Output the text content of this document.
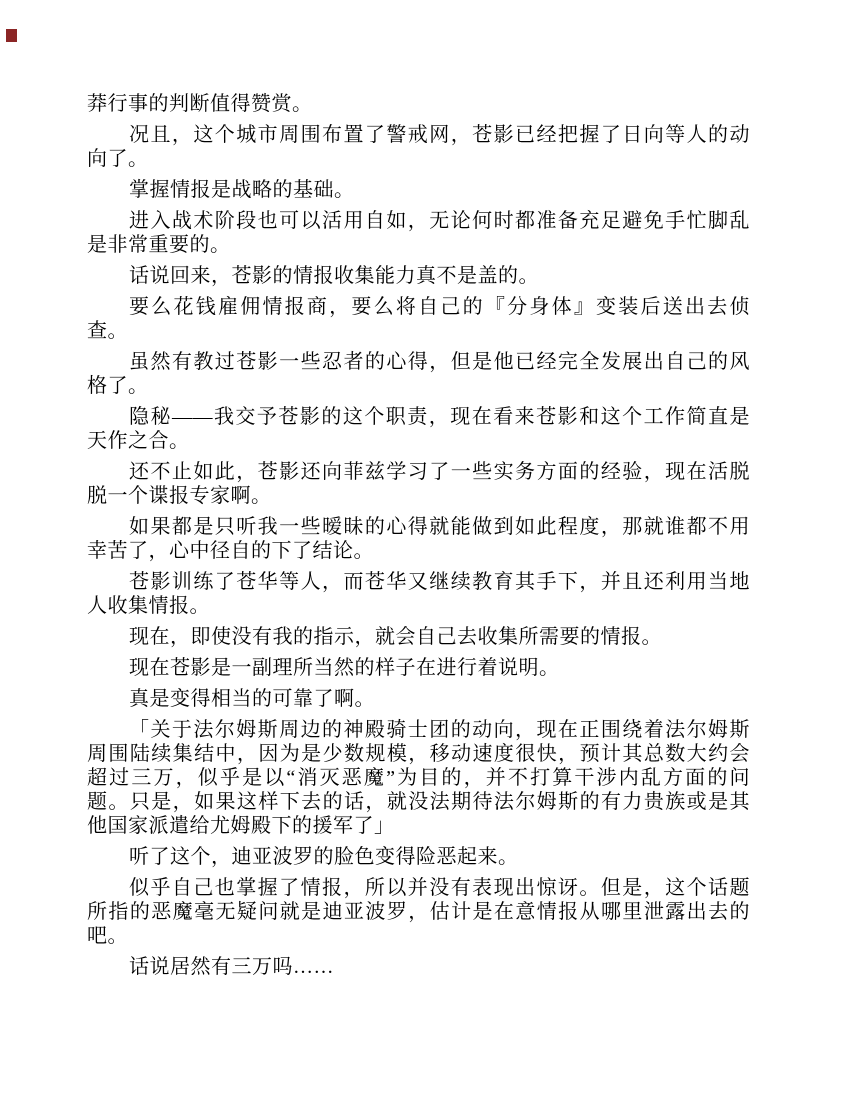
莽行事的判断值得赞赏。
况且，这个城市周围布置了警戒网，苍影已经把握了日向等人的动
向了。
掌握情报是战略的基础。
进入战术阶段也可以活用自如，无论何时都准备充足避免手忙脚乱
是非常重要的。
话说回来，苍影的情报收集能力真不是盖的。
要么花钱雇佣情报商，要么将自己的『分身体』变装后送出去侦
查。
虽然有教过苍影一些忍者的心得，但是他已经完全发展出自己的风
格了。
隐秘——我交予苍影的这个职责，现在看来苍影和这个工作简直是
天作之合。
还不止如此，苍影还向菲兹学习了一些实务方面的经验，现在活脱
脱一个谍报专家啊。
如果都是只听我一些暧昧的心得就能做到如此程度，那就谁都不用
幸苦了，心中径自的下了结论。
苍影训练了苍华等人，而苍华又继续教育其手下，并且还利用当地
人收集情报。
现在，即使没有我的指示，就会自己去收集所需要的情报。
现在苍影是一副理所当然的样子在进行着说明。
真是变得相当的可靠了啊。
「关于法尔姆斯周边的神殿骑士团的动向，现在正围绕着法尔姆斯
周围陆续集结中，因为是少数规模，移动速度很快，预计其总数大约会
超过三万，似乎是以“消灭恶魔”为目的，并不打算干涉内乱方面的问
题。只是，如果这样下去的话，就没法期待法尔姆斯的有力贵族或是其
他国家派遣给尤姆殿下的援军了」
听了这个，迪亚波罗的脸色变得险恶起来。
似乎自己也掌握了情报，所以并没有表现出惊讶。但是，这个话题
所指的恶魔毫无疑问就是迪亚波罗，估计是在意情报从哪里泄露出去的
吧。
话说居然有三万吗……
